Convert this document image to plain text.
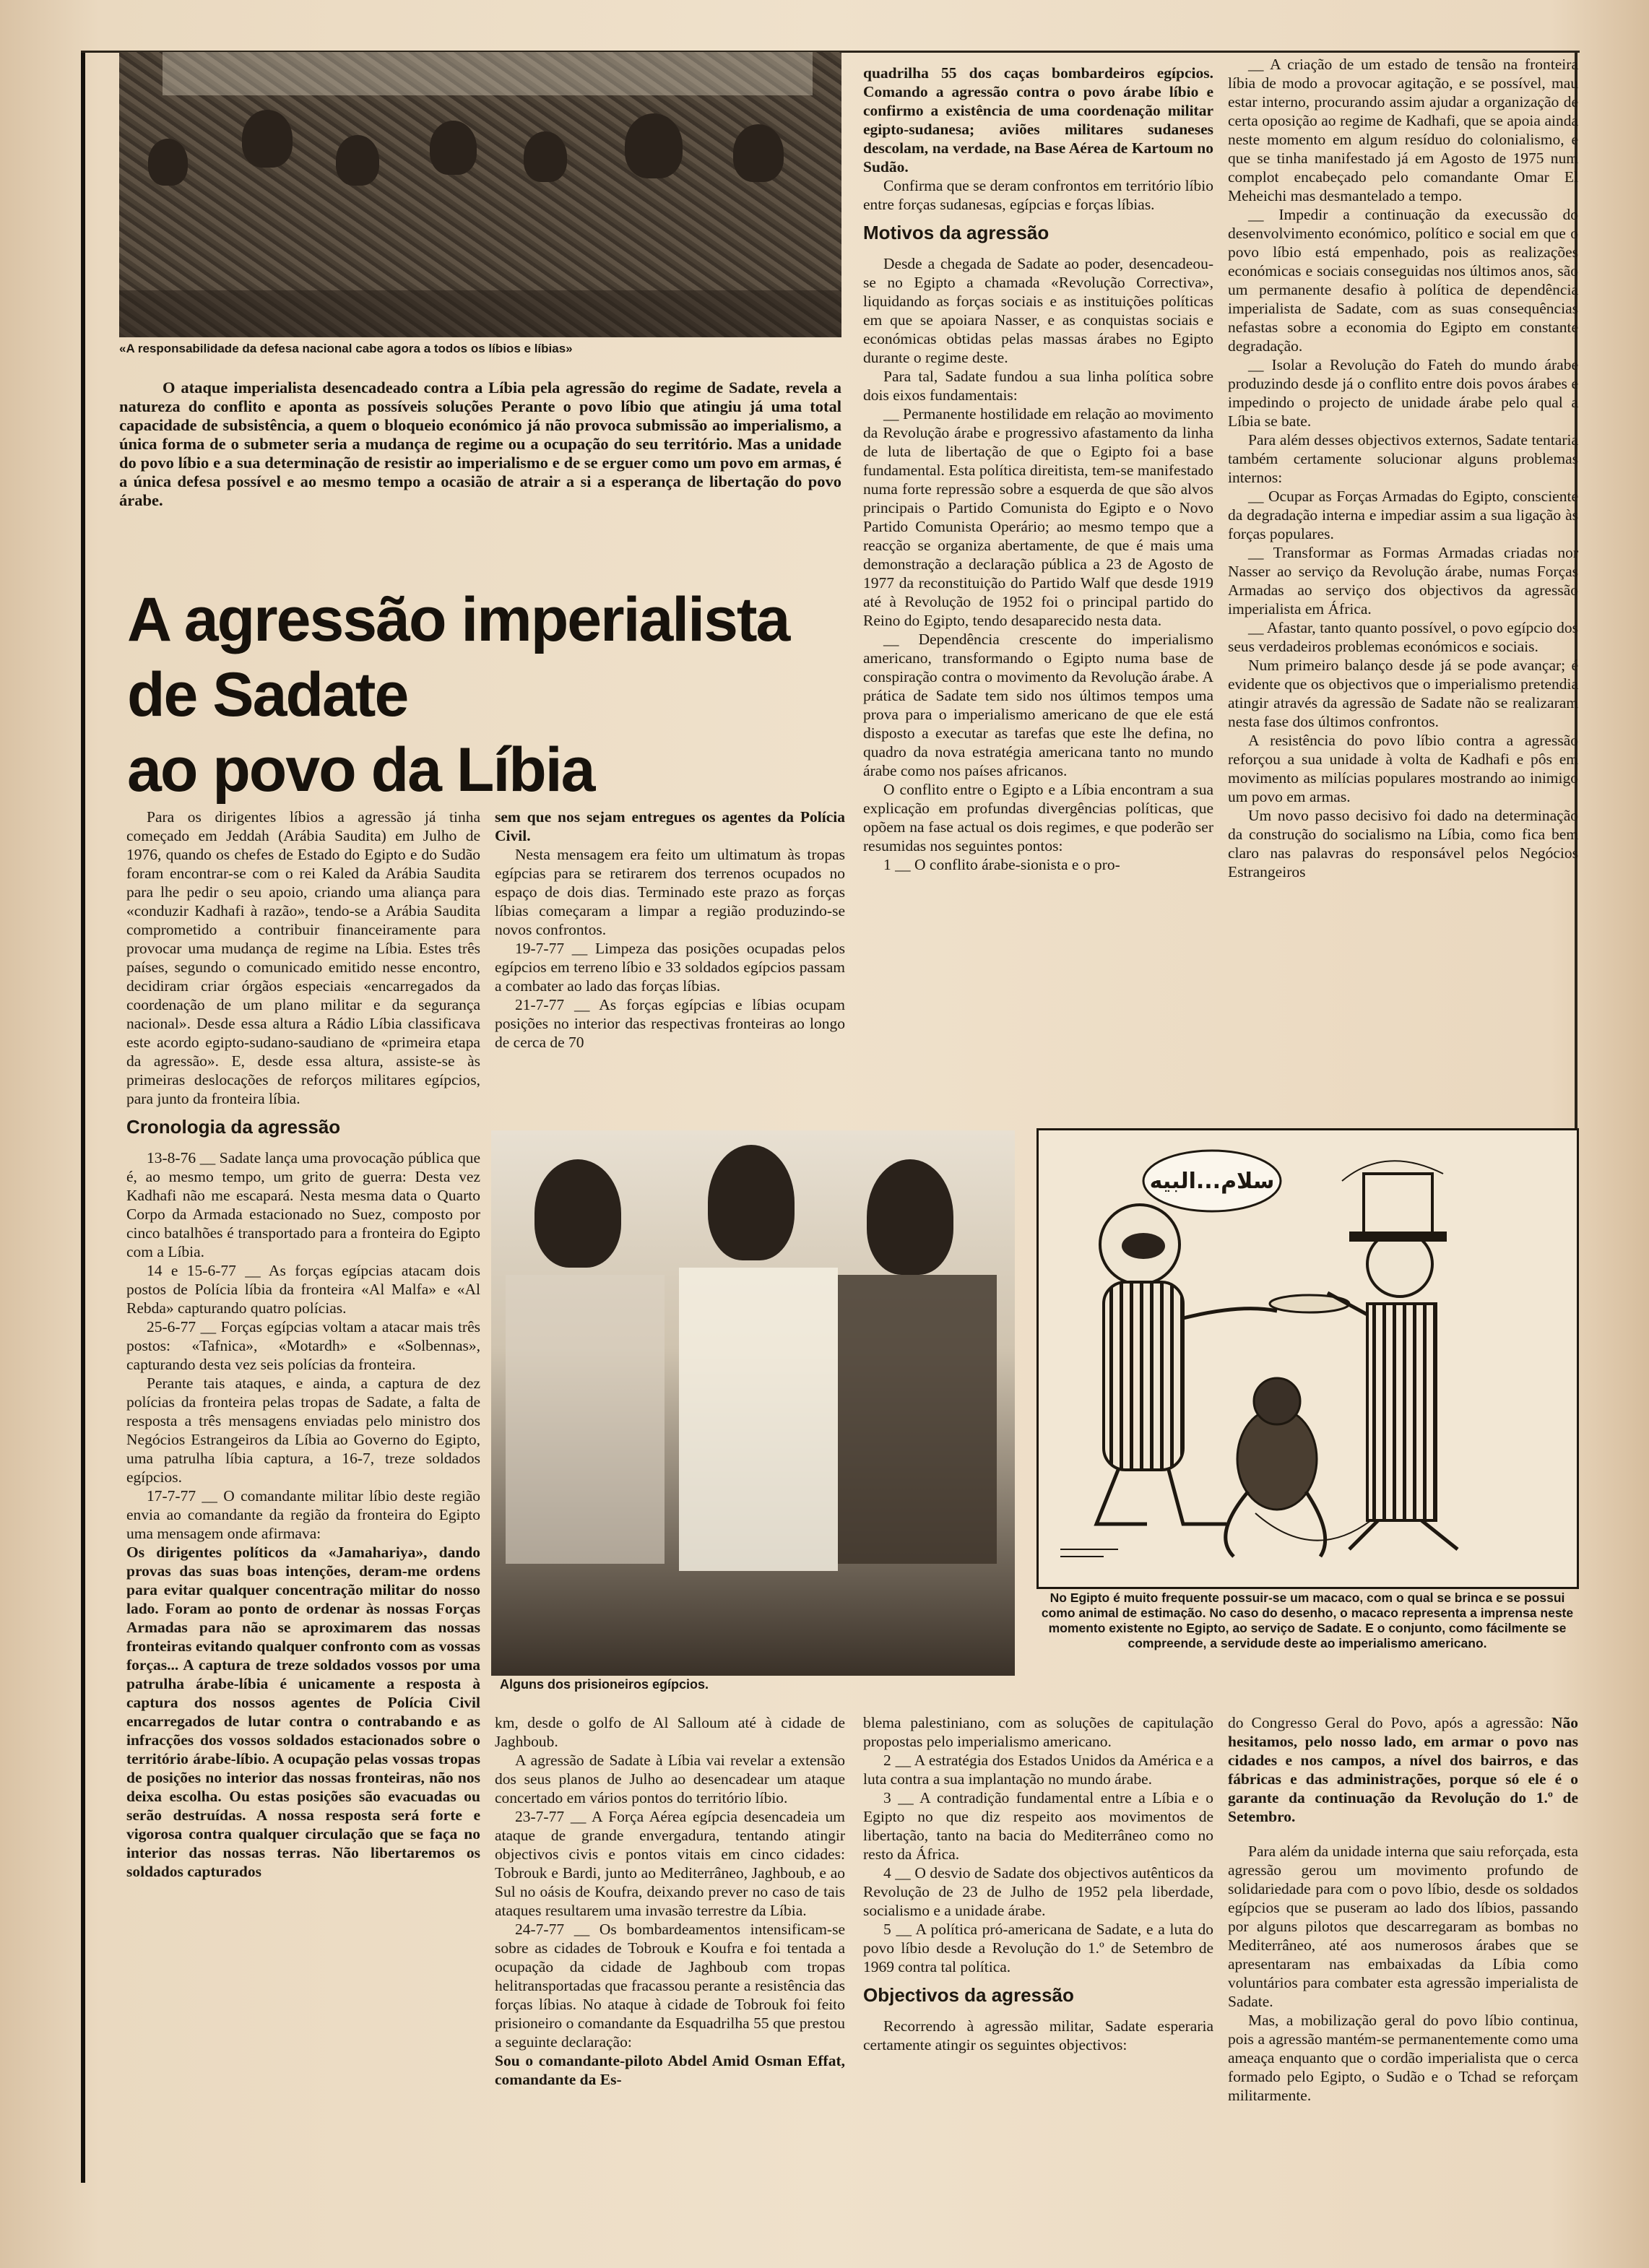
«A responsabilidade da defesa nacional cabe agora a todos os líbios e líbias»
O ataque imperialista desencadeado contra a Líbia pela agressão do regime de Sadate, revela a natureza do conflito e aponta as possíveis soluções Perante o povo líbio que atingiu já uma total capacidade de subsistência, a quem o bloqueio económico já não provoca submissão ao imperialismo, a única forma de o submeter seria a mudança de regime ou a ocupação do seu território. Mas a unidade do povo líbio e a sua determinação de resistir ao imperialismo e de se erguer como um povo em armas, é a única defesa possível e ao mesmo tempo a ocasião de atrair a si a esperança de libertação do povo árabe.
A agressão imperialista
de Sadate
ao povo da Líbia

Para os dirigentes líbios a agressão já tinha começado em Jeddah (Arábia Saudita) em Julho de 1976, quando os chefes de Estado do Egipto e do Sudão foram encontrar-se com o rei Kaled da Arábia Saudita para lhe pedir o seu apoio, criando uma aliança para «conduzir Kadhafi à razão», tendo-se a Arábia Saudita comprometido a contribuir financeiramente para provocar uma mudança de regime na Líbia. Estes três países, segundo o comunicado emitido nesse encontro, decidiram criar órgãos especiais «encarregados da coordenação de um plano militar e da segurança nacional». Desde essa altura a Rádio Líbia classificava este acordo egipto-sudano-saudiano de «primeira etapa da agressão». E, desde essa altura, assiste-se às primeiras deslocações de reforços militares egípcios, para junto da fronteira líbia.

Cronologia da agressão

13-8-76 __ Sadate lança uma provocação pública que é, ao mesmo tempo, um grito de guerra: Desta vez Kadhafi não me escapará. Nesta mesma data o Quarto Corpo da Armada estacionado no Suez, composto por cinco batalhões é transportado para a fronteira do Egipto com a Líbia.

14 e 15-6-77 __ As forças egípcias atacam dois postos de Polícia líbia da fronteira «Al Malfa» e «Al Rebda» capturando quatro polícias.

25-6-77 __ Forças egípcias voltam a atacar mais três postos: «Tafnica», «Motardh» e «Solbennas», capturando desta vez seis polícias da fronteira.

Perante tais ataques, e ainda, a captura de dez polícias da fronteira pelas tropas de Sadate, a falta de resposta a três mensagens enviadas pelo ministro dos Negócios Estrangeiros da Líbia ao Governo do Egipto, uma patrulha líbia captura, a 16-7, treze soldados egípcios.

17-7-77 __ O comandante militar líbio deste região envia ao comandante da região da fronteira do Egipto uma mensagem onde afirmava:

Os dirigentes políticos da «Jamahariya», dando provas das suas boas intenções, deram-me ordens para evitar qualquer concentração militar do nosso lado. Foram ao ponto de ordenar às nossas Forças Armadas para não se aproximarem das nossas fronteiras evitando qualquer confronto com as vossas forças... A captura de treze soldados vossos por uma patrulha árabe-líbia é unicamente a resposta à captura dos nossos agentes de Polícia Civil encarregados de lutar contra o contrabando e as infracções dos vossos soldados estacionados sobre o território árabe-líbio. A ocupação pelas vossas tropas de posições no interior das nossas fronteiras, não nos deixa escolha. Ou estas posições são evacuadas ou serão destruídas. A nossa resposta será forte e vigorosa contra qualquer circulação que se faça no interior das nossas terras. Não libertaremos os soldados capturados

sem que nos sejam entregues os agentes da Polícia Civil.

Nesta mensagem era feito um ultimatum às tropas egípcias para se retirarem dos terrenos ocupados no espaço de dois dias. Terminado este prazo as forças líbias começaram a limpar a região produzindo-se novos confrontos.

19-7-77 __ Limpeza das posições ocupadas pelos egípcios em terreno líbio e 33 soldados egípcios passam a combater ao lado das forças líbias.

21-7-77 __ As forças egípcias e líbias ocupam posições no interior das respectivas fronteiras ao longo de cerca de 70

Alguns dos prisioneiros egípcios.

km, desde o golfo de Al Salloum até à cidade de Jaghboub.

A agressão de Sadate à Líbia vai revelar a extensão dos seus planos de Julho ao desencadear um ataque concertado em vários pontos do território líbio.

23-7-77 __ A Força Aérea egípcia desencadeia um ataque de grande envergadura, tentando atingir objectivos civis e pontos vitais em cinco cidades: Tobrouk e Bardi, junto ao Mediterrâneo, Jaghboub, e ao Sul no oásis de Koufra, deixando prever no caso de tais ataques resultarem uma invasão terrestre da Líbia.

24-7-77 __ Os bombardeamentos intensificam-se sobre as cidades de Tobrouk e Koufra e foi tentada a ocupação da cidade de Jaghboub com tropas helitransportadas que fracassou perante a resistência das forças líbias. No ataque à cidade de Tobrouk foi feito prisioneiro o comandante da Esquadrilha 55 que prestou a seguinte declaração:

Sou o comandante-piloto Abdel Amid Osman Effat, comandante da Es-

quadrilha 55 dos caças bombardeiros egípcios. Comando a agressão contra o povo árabe líbio e confirmo a existência de uma coordenação militar egipto-sudanesa; aviões militares sudaneses descolam, na verdade, na Base Aérea de Kartoum no Sudão.

Confirma que se deram confrontos em território líbio entre forças sudanesas, egípcias e forças líbias.

Motivos da agressão

Desde a chegada de Sadate ao poder, desencadeou-se no Egipto a chamada «Revolução Correctiva», liquidando as forças sociais e as instituições políticas em que se apoiara Nasser, e as conquistas sociais e económicas obtidas pelas massas árabes no Egipto durante o regime deste.

Para tal, Sadate fundou a sua linha política sobre dois eixos fundamentais:

__ Permanente hostilidade em relação ao movimento da Revolução árabe e progressivo afastamento da linha de luta de libertação de que o Egipto foi a base fundamental. Esta política direitista, tem-se manifestado numa forte repressão sobre a esquerda de que são alvos principais o Partido Comunista do Egipto e o Novo Partido Comunista Operário; ao mesmo tempo que a reacção se organiza abertamente, de que é mais uma demonstração a declaração pública a 23 de Agosto de 1977 da reconstituição do Partido Walf que desde 1919 até à Revolução de 1952 foi o principal partido do Reino do Egipto, tendo desaparecido nesta data.

__ Dependência crescente do imperialismo americano, transformando o Egipto numa base de conspiração contra o movimento da Revolução árabe. A prática de Sadate tem sido nos últimos tempos uma prova para o imperialismo americano de que ele está disposto a executar as tarefas que este lhe defina, no quadro da nova estratégia americana tanto no mundo árabe como nos países africanos.

O conflito entre o Egipto e a Líbia encontram a sua explicação em profundas divergências políticas, que opõem na fase actual os dois regimes, e que poderão ser resumidas nos seguintes pontos:

1 __ O conflito árabe-sionista e o pro-

blema palestiniano, com as soluções de capitulação propostas pelo imperialismo americano.

2 __ A estratégia dos Estados Unidos da América e a luta contra a sua implantação no mundo árabe.

3 __ A contradição fundamental entre a Líbia e o Egipto no que diz respeito aos movimentos de libertação, tanto na bacia do Mediterrâneo como no resto da África.

4 __ O desvio de Sadate dos objectivos autênticos da Revolução de 23 de Julho de 1952 pela liberdade, socialismo e a unidade árabe.

5 __ A política pró-americana de Sadate, e a luta do povo líbio desde a Revolução do 1.º de Setembro de 1969 contra tal política.

Objectivos da agressão

Recorrendo à agressão militar, Sadate esperaria certamente atingir os seguintes objectivos:

__ A criação de um estado de tensão na fronteira líbia de modo a provocar agitação, e se possível, mau estar interno, procurando assim ajudar a organização de certa oposição ao regime de Kadhafi, que se apoia ainda neste momento em algum resíduo do colonialismo, e que se tinha manifestado já em Agosto de 1975 num complot encabeçado pelo comandante Omar El Meheichi mas desmantelado a tempo.

__ Impedir a continuação da execussão do desenvolvimento económico, político e social em que o povo líbio está empenhado, pois as realizações económicas e sociais conseguidas nos últimos anos, são um permanente desafio à política de dependência imperialista de Sadate, com as suas consequências nefastas sobre a economia do Egipto em constante degradação.

__ Isolar a Revolução do Fateh do mundo árabe produzindo desde já o conflito entre dois povos árabes e impedindo o projecto de unidade árabe pelo qual a Líbia se bate.

Para além desses objectivos externos, Sadate tentaria também certamente solucionar alguns problemas internos:

__ Ocupar as Forças Armadas do Egipto, consciente da degradação interna e impediar assim a sua ligação às forças populares.

__ Transformar as Formas Armadas criadas nor Nasser ao serviço da Revolução árabe, numas Forças Armadas ao serviço dos objectivos da agressão imperialista em África.

__ Afastar, tanto quanto possível, o povo egípcio dos seus verdadeiros problemas económicos e sociais.

Num primeiro balanço desde já se pode avançar; é evidente que os objectivos que o imperialismo pretendia atingir através da agressão de Sadate não se realizaram nesta fase dos últimos confrontos.

A resistência do povo líbio contra a agressão reforçou a sua unidade à volta de Kadhafi e pôs em movimento as milícias populares mostrando ao inimigo um povo em armas.

Um novo passo decisivo foi dado na determinação da construção do socialismo na Líbia, como fica bem claro nas palavras do responsável pelos Negócios Estrangeiros

سلام...البيه
No Egipto é muito frequente possuir-se um macaco, com o qual se brinca e se possui como animal de estimação. No caso do desenho, o macaco representa a imprensa neste momento existente no Egipto, ao serviço de Sadate. E o conjunto, como fácilmente se compreende, a servidude deste ao imperialismo americano.

do Congresso Geral do Povo, após a agressão: Não hesitamos, pelo nosso lado, em armar o povo nas cidades e nos campos, a nível dos bairros, e das fábricas e das administrações, porque só ele é o garante da continuação da Revolução do 1.º de Setembro.

Para além da unidade interna que saiu reforçada, esta agressão gerou um movimento profundo de solidariedade para com o povo líbio, desde os soldados egípcios que se puseram ao lado dos líbios, passando por alguns pilotos que descarregaram as bombas no Mediterrâneo, até aos numerosos árabes que se apresentaram nas embaixadas da Líbia como voluntários para combater esta agressão imperialista de Sadate.

Mas, a mobilização geral do povo líbio continua, pois a agressão mantém-se permanentemente como uma ameaça enquanto que o cordão imperialista que o cerca formado pelo Egipto, o Sudão e o Tchad se reforçam militarmente.
